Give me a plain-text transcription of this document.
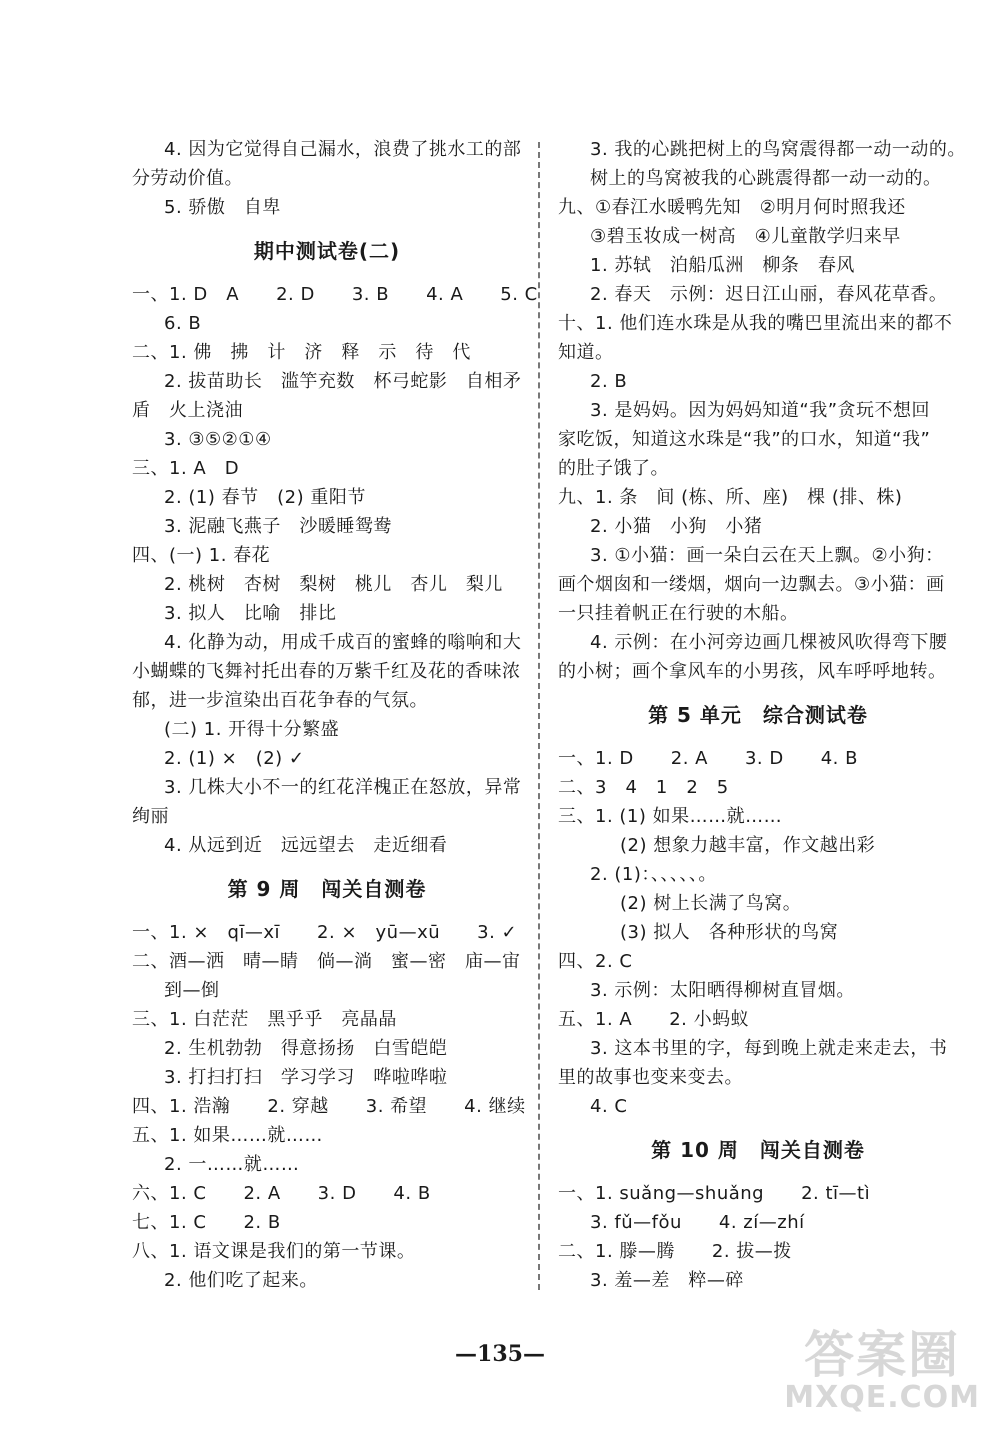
4. 因为它觉得自己漏水，浪费了挑水工的部
分劳动价值。
5. 骄傲　自卑
期中测试卷(二)
一、1. D　A　　2. D　　3. B　　4. A　　5. C
6. B
二、1. 佛　拂　计　济　释　示　待　代
2. 拔苗助长　滥竽充数　杯弓蛇影　自相矛
盾　火上浇油
3. ③⑤②①④
三、1. A　D
2. (1) 春节　(2) 重阳节
3. 泥融飞燕子　沙暖睡鸳鸯
四、(一) 1. 春花
2. 桃树　杏树　梨树　桃儿　杏儿　梨儿
3. 拟人　比喻　排比
4. 化静为动，用成千成百的蜜蜂的嗡响和大
小蝴蝶的飞舞衬托出春的万紫千红及花的香味浓
郁，进一步渲染出百花争春的气氛。
(二) 1. 开得十分繁盛
2. (1) ×　(2) ✓
3. 几株大小不一的红花洋槐正在怒放，异常
绚丽
4. 从远到近　远远望去　走近细看
第 9 周　闯关自测卷
一、1. ×　qī—xī　　2. ×　yū—xū　　3. ✓
二、酒—洒　晴—睛　倘—淌　蜜—密　庙—宙
到—倒
三、1. 白茫茫　黑乎乎　亮晶晶
2. 生机勃勃　得意扬扬　白雪皑皑
3. 打扫打扫　学习学习　哗啦哗啦
四、1. 浩瀚　　2. 穿越　　3. 希望　　4. 继续
五、1. 如果……就……
2. 一……就……
六、1. C　　2. A　　3. D　　4. B
七、1. C　　2. B
八、1. 语文课是我们的第一节课。
2. 他们吃了起来。
3. 我的心跳把树上的鸟窝震得都一动一动的。
树上的鸟窝被我的心跳震得都一动一动的。
九、①春江水暖鸭先知　②明月何时照我还
③碧玉妆成一树高　④儿童散学归来早
1. 苏轼　泊船瓜洲　柳条　春风
2. 春天　示例：迟日江山丽，春风花草香。
十、1. 他们连水珠是从我的嘴巴里流出来的都不
知道。
2. B
3. 是妈妈。因为妈妈知道“我”贪玩不想回
家吃饭，知道这水珠是“我”的口水，知道“我”
的肚子饿了。
九、1. 条　间 (栋、所、座)　棵 (排、株)
2. 小猫　小狗　小猪
3. ①小猫：画一朵白云在天上飘。②小狗：
画个烟囱和一缕烟，烟向一边飘去。③小猫：画
一只挂着帆正在行驶的木船。
4. 示例：在小河旁边画几棵被风吹得弯下腰
的小树；画个拿风车的小男孩，风车呼呼地转。
第 5 单元　综合测试卷
一、1. D　　2. A　　3. D　　4. B
二、3　4　1　2　5
三、1. (1) 如果……就……
(2) 想象力越丰富，作文越出彩
2. (1)：、、、、、。
(2) 树上长满了鸟窝。
(3) 拟人　各种形状的鸟窝
四、2. C
3. 示例：太阳晒得柳树直冒烟。
五、1. A　　2. 小蚂蚁
3. 这本书里的字，每到晚上就走来走去，书
里的故事也变来变去。
4. C
第 10 周　闯关自测卷
一、1. suǎng—shuǎng　　2. tī—tì
3. fǔ—fǒu　　4. zí—zhí
二、1. 滕—腾　　2. 拔—拨
3. 羞—差　粹—碎
—135—	答案圈
MXQE.COM
